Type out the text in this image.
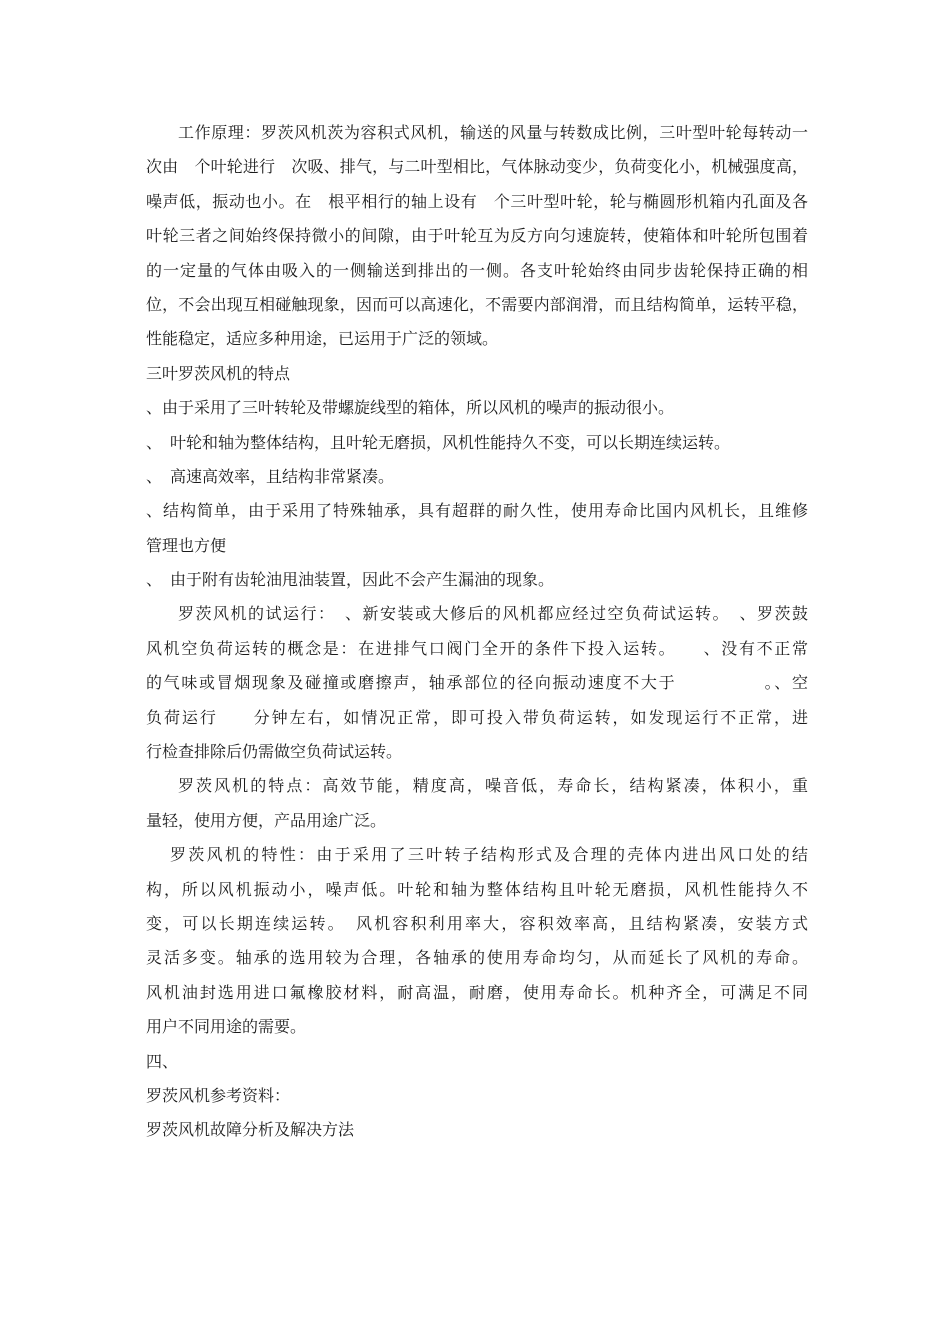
工作原理：罗茨风机茨为容积式风机，输送的风量与转数成比例，三叶型叶轮每转动一
次由　个叶轮进行　次吸、排气，与二叶型相比，气体脉动变少，负荷变化小，机械强度高，
噪声低，振动也小。在　根平相行的轴上设有　个三叶型叶轮，轮与椭圆形机箱内孔面及各
叶轮三者之间始终保持微小的间隙，由于叶轮互为反方向匀速旋转，使箱体和叶轮所包围着
的一定量的气体由吸入的一侧输送到排出的一侧。各支叶轮始终由同步齿轮保持正确的相
位，不会出现互相碰触现象，因而可以高速化，不需要内部润滑，而且结构简单，运转平稳，
性能稳定，适应多种用途，已运用于广泛的领域。
三叶罗茨风机的特点
、由于采用了三叶转轮及带螺旋线型的箱体，所以风机的噪声的振动很小。
、　叶轮和轴为整体结构，且叶轮无磨损，风机性能持久不变，可以长期连续运转。
、　高速高效率，且结构非常紧凑。
、结构简单，由于采用了特殊轴承，具有超群的耐久性，使用寿命比国内风机长，且维修
管理也方便
、　由于附有齿轮油甩油装置，因此不会产生漏油的现象。
罗茨风机的试运行：　、新安装或大修后的风机都应经过空负荷试运转。　、罗茨鼓
风机空负荷运转的概念是：在进排气口阀门全开的条件下投入运转。　　、没有不正常
的气味或冒烟现象及碰撞或磨擦声，轴承部位的径向振动速度不大于　　　　　。、空
负荷运行　　分钟左右，如情况正常，即可投入带负荷运转，如发现运行不正常，进
行检查排除后仍需做空负荷试运转。
罗茨风机的特点：高效节能，精度高，噪音低，寿命长，结构紧凑，体积小，重
量轻，使用方便，产品用途广泛。
罗茨风机的特性：由于采用了三叶转子结构形式及合理的壳体内进出风口处的结
构，所以风机振动小，噪声低。叶轮和轴为整体结构且叶轮无磨损，风机性能持久不
变，可以长期连续运转。　风机容积利用率大，容积效率高，且结构紧凑，安装方式
灵活多变。轴承的选用较为合理，各轴承的使用寿命均匀，从而延长了风机的寿命。
风机油封选用进口氟橡胶材料，耐高温，耐磨，使用寿命长。机种齐全，可满足不同
用户不同用途的需要。
四、
罗茨风机参考资料：
罗茨风机故障分析及解决方法
